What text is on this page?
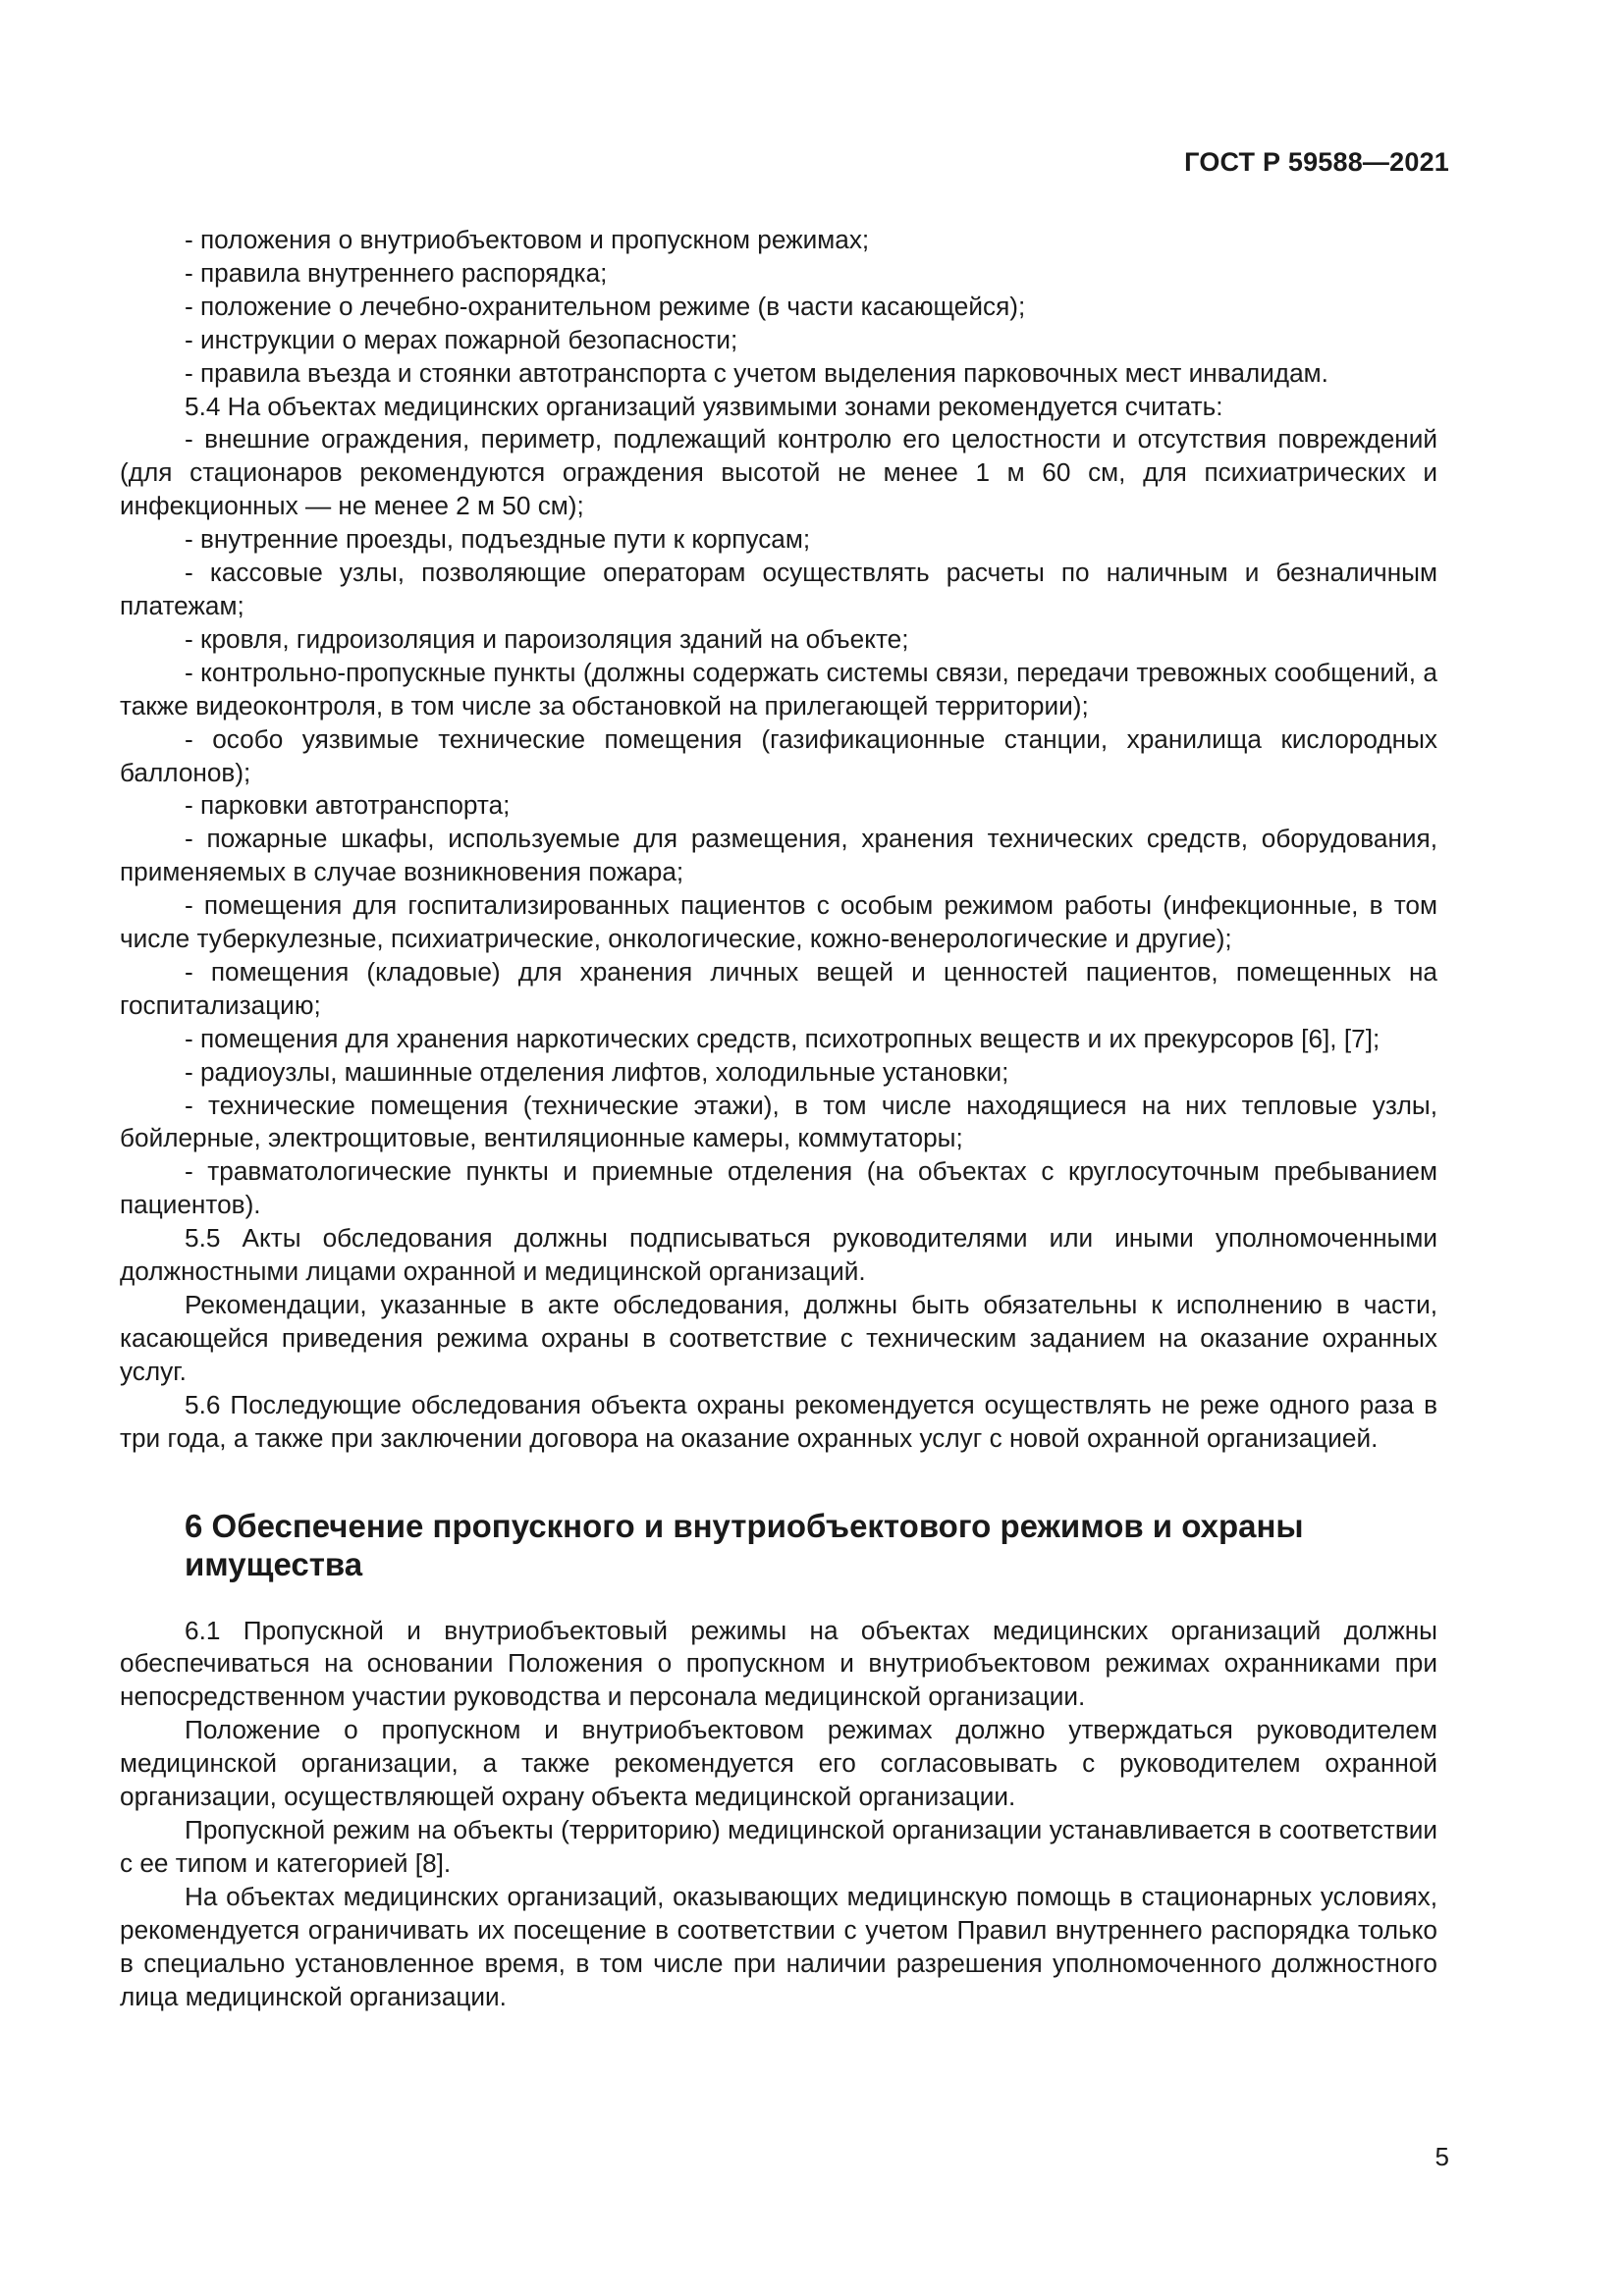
ГОСТ Р 59588—2021

- положения о внутриобъектовом и пропускном режимах;

- правила внутреннего распорядка;

- положение о лечебно-охранительном режиме (в части касающейся);

- инструкции о мерах пожарной безопасности;

- правила въезда и стоянки автотранспорта с учетом выделения парковочных мест инвалидам.

5.4 На объектах медицинских организаций уязвимыми зонами рекомендуется считать:

- внешние ограждения, периметр, подлежащий контролю его целостности и отсутствия повреждений (для стационаров рекомендуются ограждения высотой не менее 1 м 60 см, для психиатрических и инфекционных — не менее 2 м 50 см);

- внутренние проезды, подъездные пути к корпусам;

- кассовые узлы, позволяющие операторам осуществлять расчеты по наличным и безналичным платежам;

- кровля, гидроизоляция и пароизоляция зданий на объекте;

- контрольно-пропускные пункты (должны содержать системы связи, передачи тревожных сообщений, а также видеоконтроля, в том числе за обстановкой на прилегающей территории);

- особо уязвимые технические помещения (газификационные станции, хранилища кислородных баллонов);

- парковки автотранспорта;

- пожарные шкафы, используемые для размещения, хранения технических средств, оборудования, применяемых в случае возникновения пожара;

- помещения для госпитализированных пациентов с особым режимом работы (инфекционные, в том числе туберкулезные, психиатрические, онкологические, кожно-венерологические и другие);

- помещения (кладовые) для хранения личных вещей и ценностей пациентов, помещенных на госпитализацию;

- помещения для хранения наркотических средств, психотропных веществ и их прекурсоров [6], [7];

- радиоузлы, машинные отделения лифтов, холодильные установки;

- технические помещения (технические этажи), в том числе находящиеся на них тепловые узлы, бойлерные, электрощитовые, вентиляционные камеры, коммутаторы;

- травматологические пункты и приемные отделения (на объектах с круглосуточным пребыванием пациентов).

5.5 Акты обследования должны подписываться руководителями или иными уполномоченными должностными лицами охранной и медицинской организаций.

Рекомендации, указанные в акте обследования, должны быть обязательны к исполнению в части, касающейся приведения режима охраны в соответствие с техническим заданием на оказание охранных услуг.

5.6 Последующие обследования объекта охраны рекомендуется осуществлять не реже одного раза в три года, а также при заключении договора на оказание охранных услуг с новой охранной организацией.

6 Обеспечение пропускного и внутриобъектового режимов и охраны имущества

6.1 Пропускной и внутриобъектовый режимы на объектах медицинских организаций должны обеспечиваться на основании Положения о пропускном и внутриобъектовом режимах охранниками при непосредственном участии руководства и персонала медицинской организации.

Положение о пропускном и внутриобъектовом режимах должно утверждаться руководителем медицинской организации, а также рекомендуется его согласовывать с руководителем охранной организации, осуществляющей охрану объекта медицинской организации.

Пропускной режим на объекты (территорию) медицинской организации устанавливается в соответствии с ее типом и категорией [8].

На объектах медицинских организаций, оказывающих медицинскую помощь в стационарных условиях, рекомендуется ограничивать их посещение в соответствии с учетом Правил внутреннего распорядка только в специально установленное время, в том числе при наличии разрешения уполномоченного должностного лица медицинской организации.

5
